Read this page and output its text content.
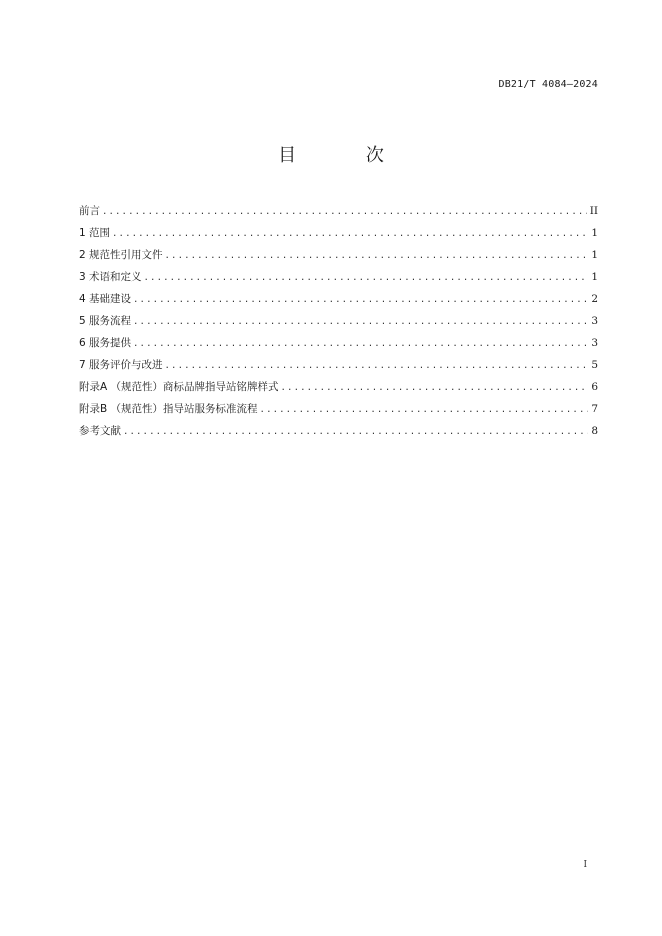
DB21/T 4084—2024
目 次
前言 .....	II
1 范围 .....	1
2 规范性引用文件 .....	1
3 术语和定义 .....	1
4 基础建设 .....	2
5 服务流程 .....	3
6 服务提供 .....	3
7 服务评价与改进 .....	5
附录A （规范性）商标品牌指导站铭牌样式 .....	6
附录B （规范性）指导站服务标准流程 .....	7
参考文献 .....	8
I
